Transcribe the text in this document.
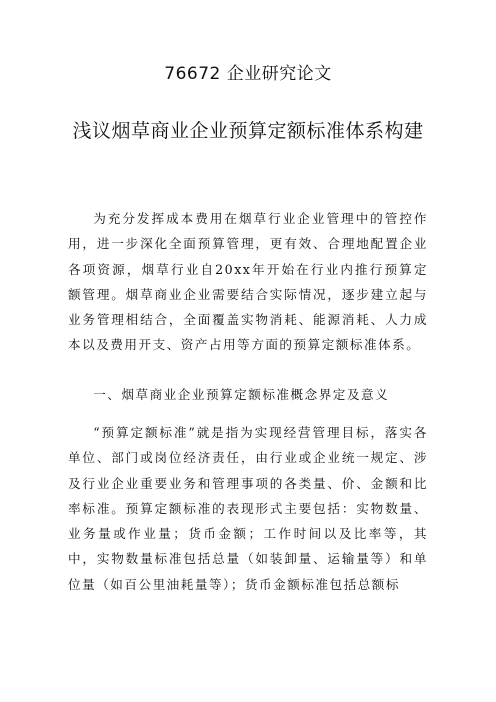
76672 企业研究论文
浅议烟草商业企业预算定额标准体系构建

为充分发挥成本费用在烟草行业企业管理中的管控作用，进一步深化全面预算管理，更有效、合理地配置企业各项资源，烟草行业自20xx年开始在行业内推行预算定额管理。烟草商业企业需要结合实际情况，逐步建立起与业务管理相结合，全面覆盖实物消耗、能源消耗、人力成本以及费用开支、资产占用等方面的预算定额标准体系。

一、烟草商业企业预算定额标准概念界定及意义

“预算定额标准”就是指为实现经营管理目标，落实各单位、部门或岗位经济责任，由行业或企业统一规定、涉及行业企业重要业务和管理事项的各类量、价、金额和比率标准。预算定额标准的表现形式主要包括：实物数量、业务量或作业量；货币金额；工作时间以及比率等，其中，实物数量标准包括总量（如装卸量、运输量等）和单位量（如百公里油耗量等）；货币金额标准包括总额标
